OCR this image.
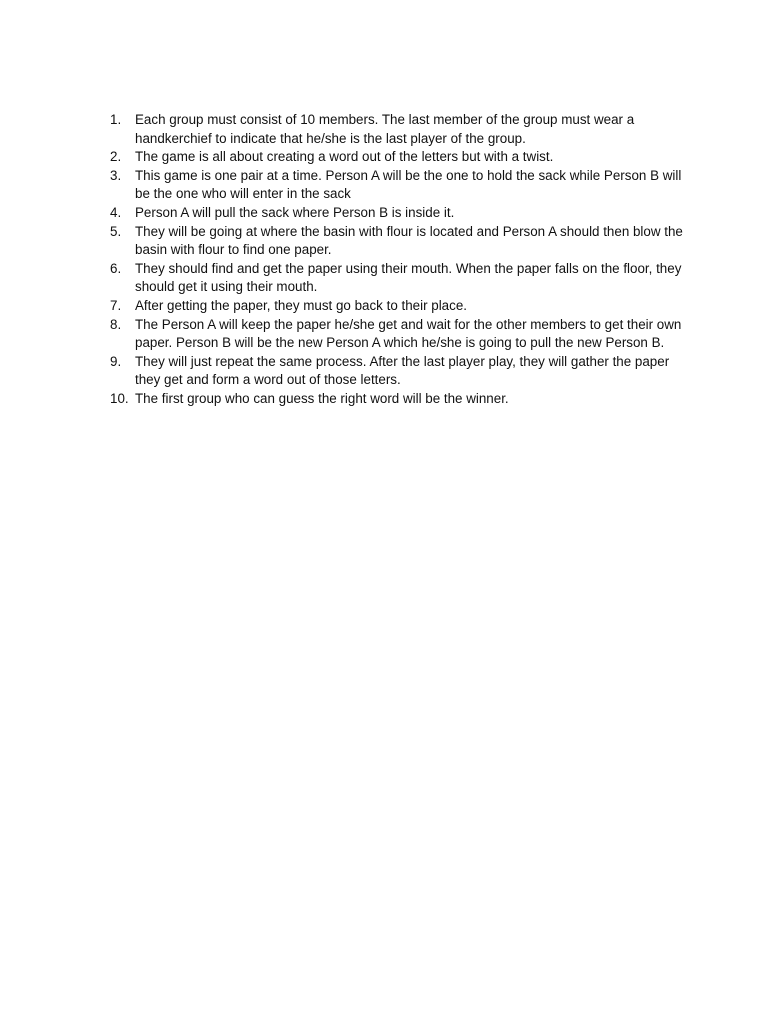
1.	Each group must consist of 10 members. The last member of the group must wear a handkerchief to indicate that he/she is the last player of the group.
2.	The game is all about creating a word out of the letters but with a twist.
3.	This game is one pair at a time. Person A will be the one to hold the sack while Person B will be the one who will enter in the sack
4.	Person A will pull the sack where Person B is inside it.
5.	They will be going at where the basin with flour is located and Person A should then blow the basin with flour to find one paper.
6.	They should find and get the paper using their mouth. When the paper falls on the floor, they should get it using their mouth.
7.	After getting the paper, they must go back to their place.
8.	The Person A will keep the paper he/she get and wait for the other members to get their own paper. Person B will be the new Person A which he/she is going to pull the new Person B.
9.	They will just repeat the same process. After the last player play, they will gather the paper they get and form a word out of those letters.
10. The first group who can guess the right word will be the winner.
